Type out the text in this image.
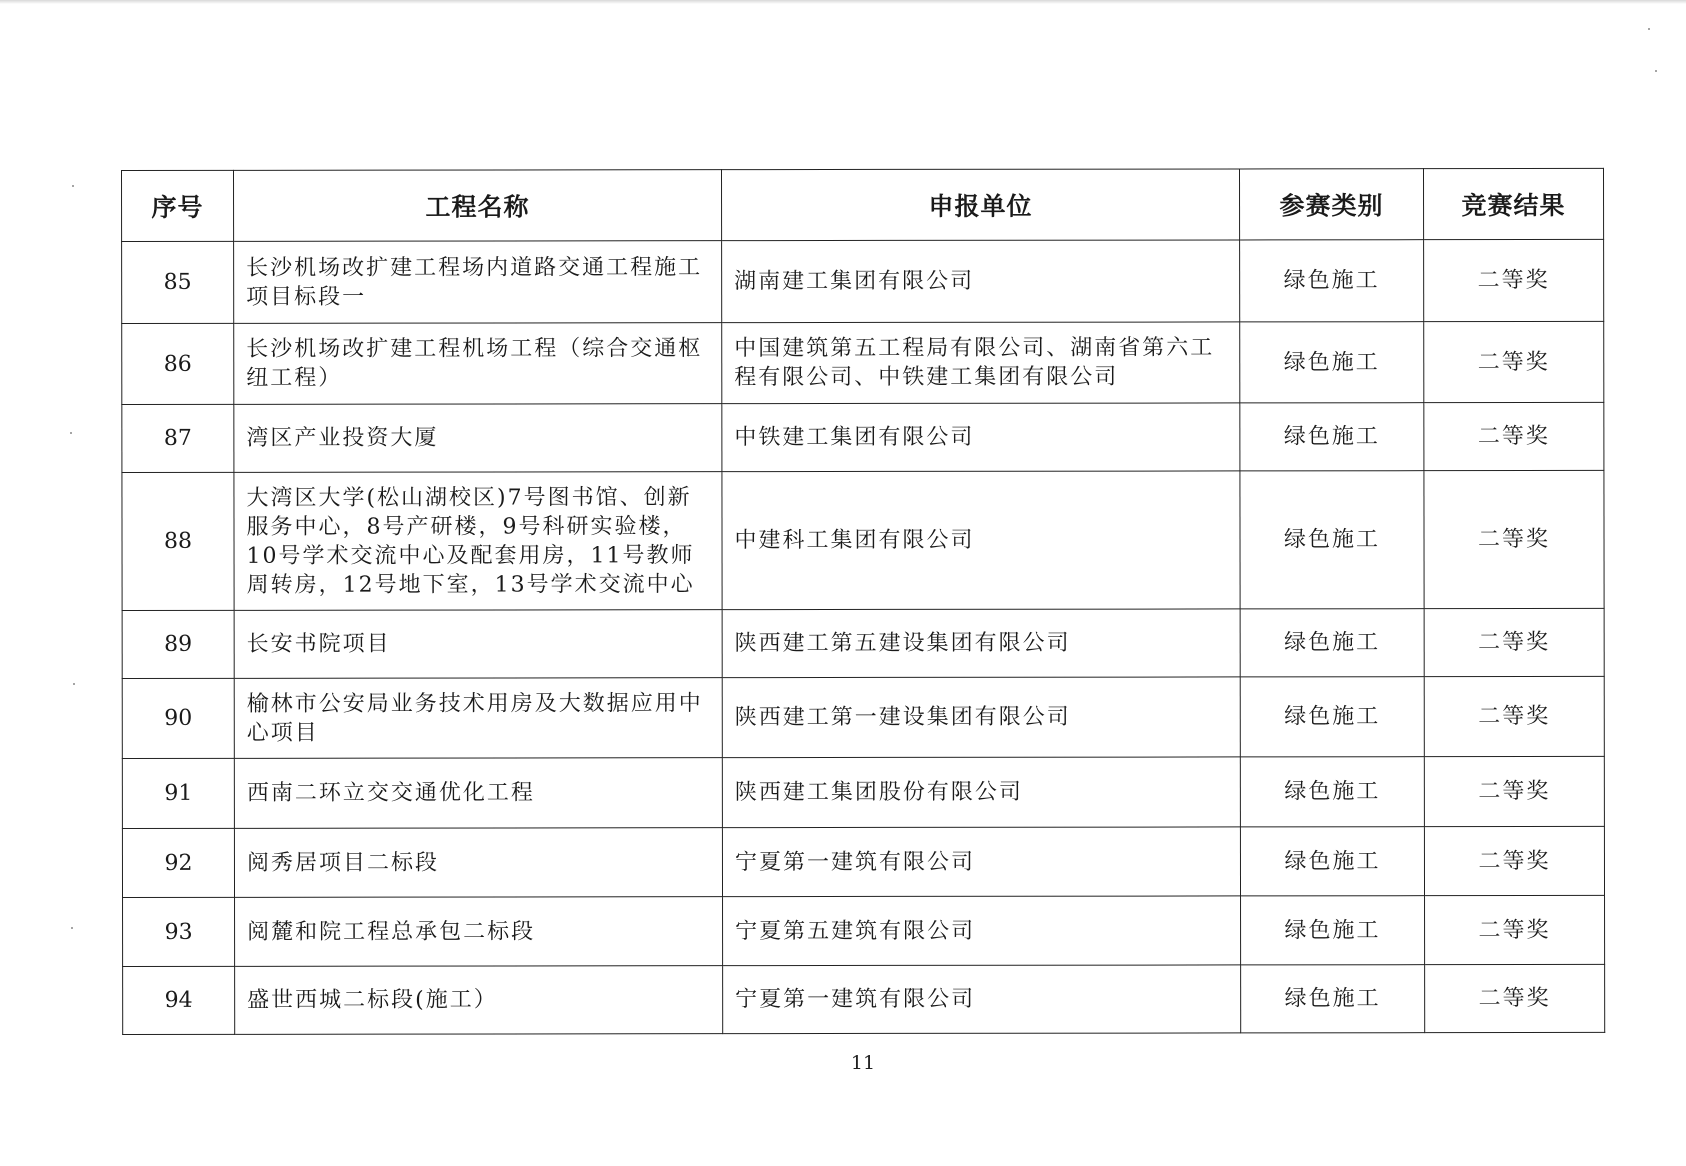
序号	工程名称	申报单位	参赛类别	竞赛结果
85	长沙机场改扩建工程场内道路交通工程施工项目标段一	湖南建工集团有限公司	绿色施工	二等奖
86	长沙机场改扩建工程机场工程（综合交通枢纽工程）	中国建筑第五工程局有限公司、湖南省第六工程有限公司、中铁建工集团有限公司	绿色施工	二等奖
87	湾区产业投资大厦	中铁建工集团有限公司	绿色施工	二等奖
88	大湾区大学(松山湖校区)7号图书馆、创新服务中心，8号产研楼，9号科研实验楼，10号学术交流中心及配套用房，11号教师周转房，12号地下室，13号学术交流中心	中建科工集团有限公司	绿色施工	二等奖
89	长安书院项目	陕西建工第五建设集团有限公司	绿色施工	二等奖
90	榆林市公安局业务技术用房及大数据应用中心项目	陕西建工第一建设集团有限公司	绿色施工	二等奖
91	西南二环立交交通优化工程	陕西建工集团股份有限公司	绿色施工	二等奖
92	阅秀居项目二标段	宁夏第一建筑有限公司	绿色施工	二等奖
93	阅麓和院工程总承包二标段	宁夏第五建筑有限公司	绿色施工	二等奖
94	盛世西城二标段(施工）	宁夏第一建筑有限公司	绿色施工	二等奖
11
